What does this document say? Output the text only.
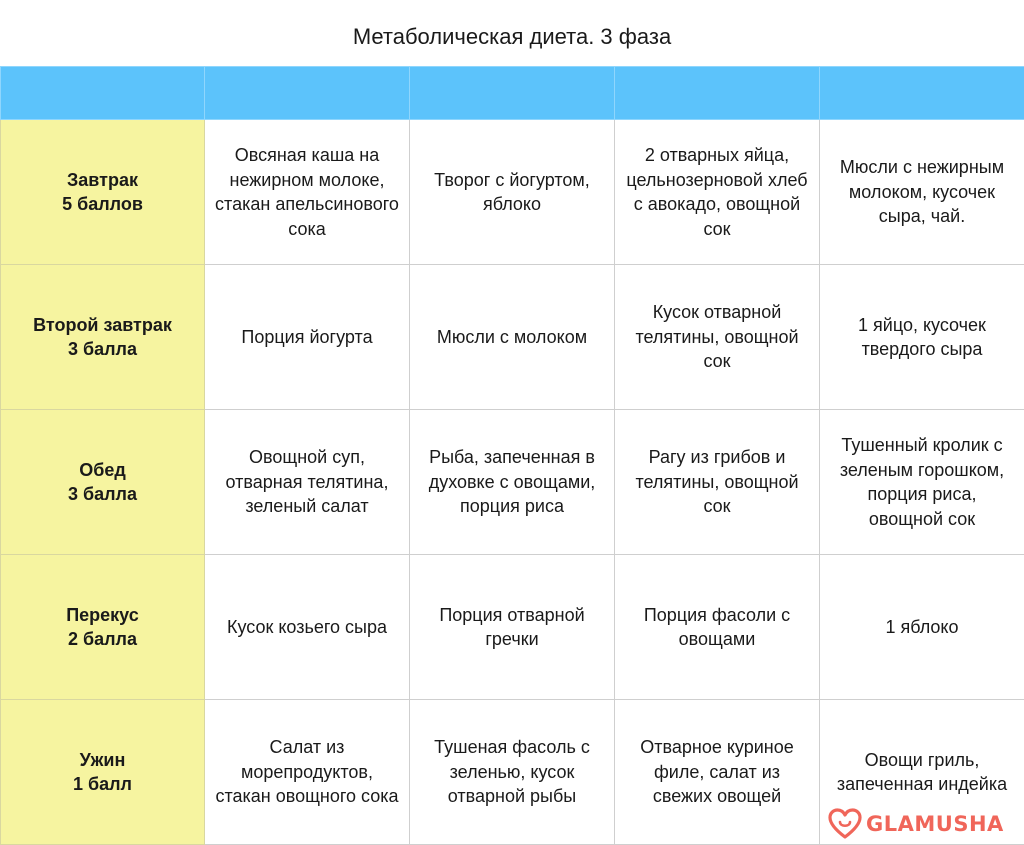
Метаболическая диета. 3 фаза

Завтрак
5 баллов	Овсяная каша на нежирном молоке, стакан апельсинового сока	Творог с йогуртом, яблоко	2 отварных яйца, цельнозерновой хлеб с авокадо, овощной сок	Мюсли с нежирным молоком, кусочек сыра, чай.

Второй завтрак
3 балла	Порция йогурта	Мюсли с молоком	Кусок отварной телятины, овощной сок	1 яйцо, кусочек твердого сыра

Обед
3 балла	Овощной суп, отварная телятина, зеленый салат	Рыба, запеченная в духовке с овощами, порция риса	Рагу из грибов и телятины, овощной сок	Тушенный кролик с зеленым горошком, порция риса, овощной сок

Перекус
2 балла	Кусок козьего сыра	Порция отварной гречки	Порция фасоли с овощами	1 яблоко

Ужин
1 балл	Салат из морепродуктов, стакан овощного сока	Тушеная фасоль с зеленью, кусок отварной рыбы	Отварное куриное филе, салат из свежих овощей	Овощи гриль, запеченная индейка
GLAMUSHA
